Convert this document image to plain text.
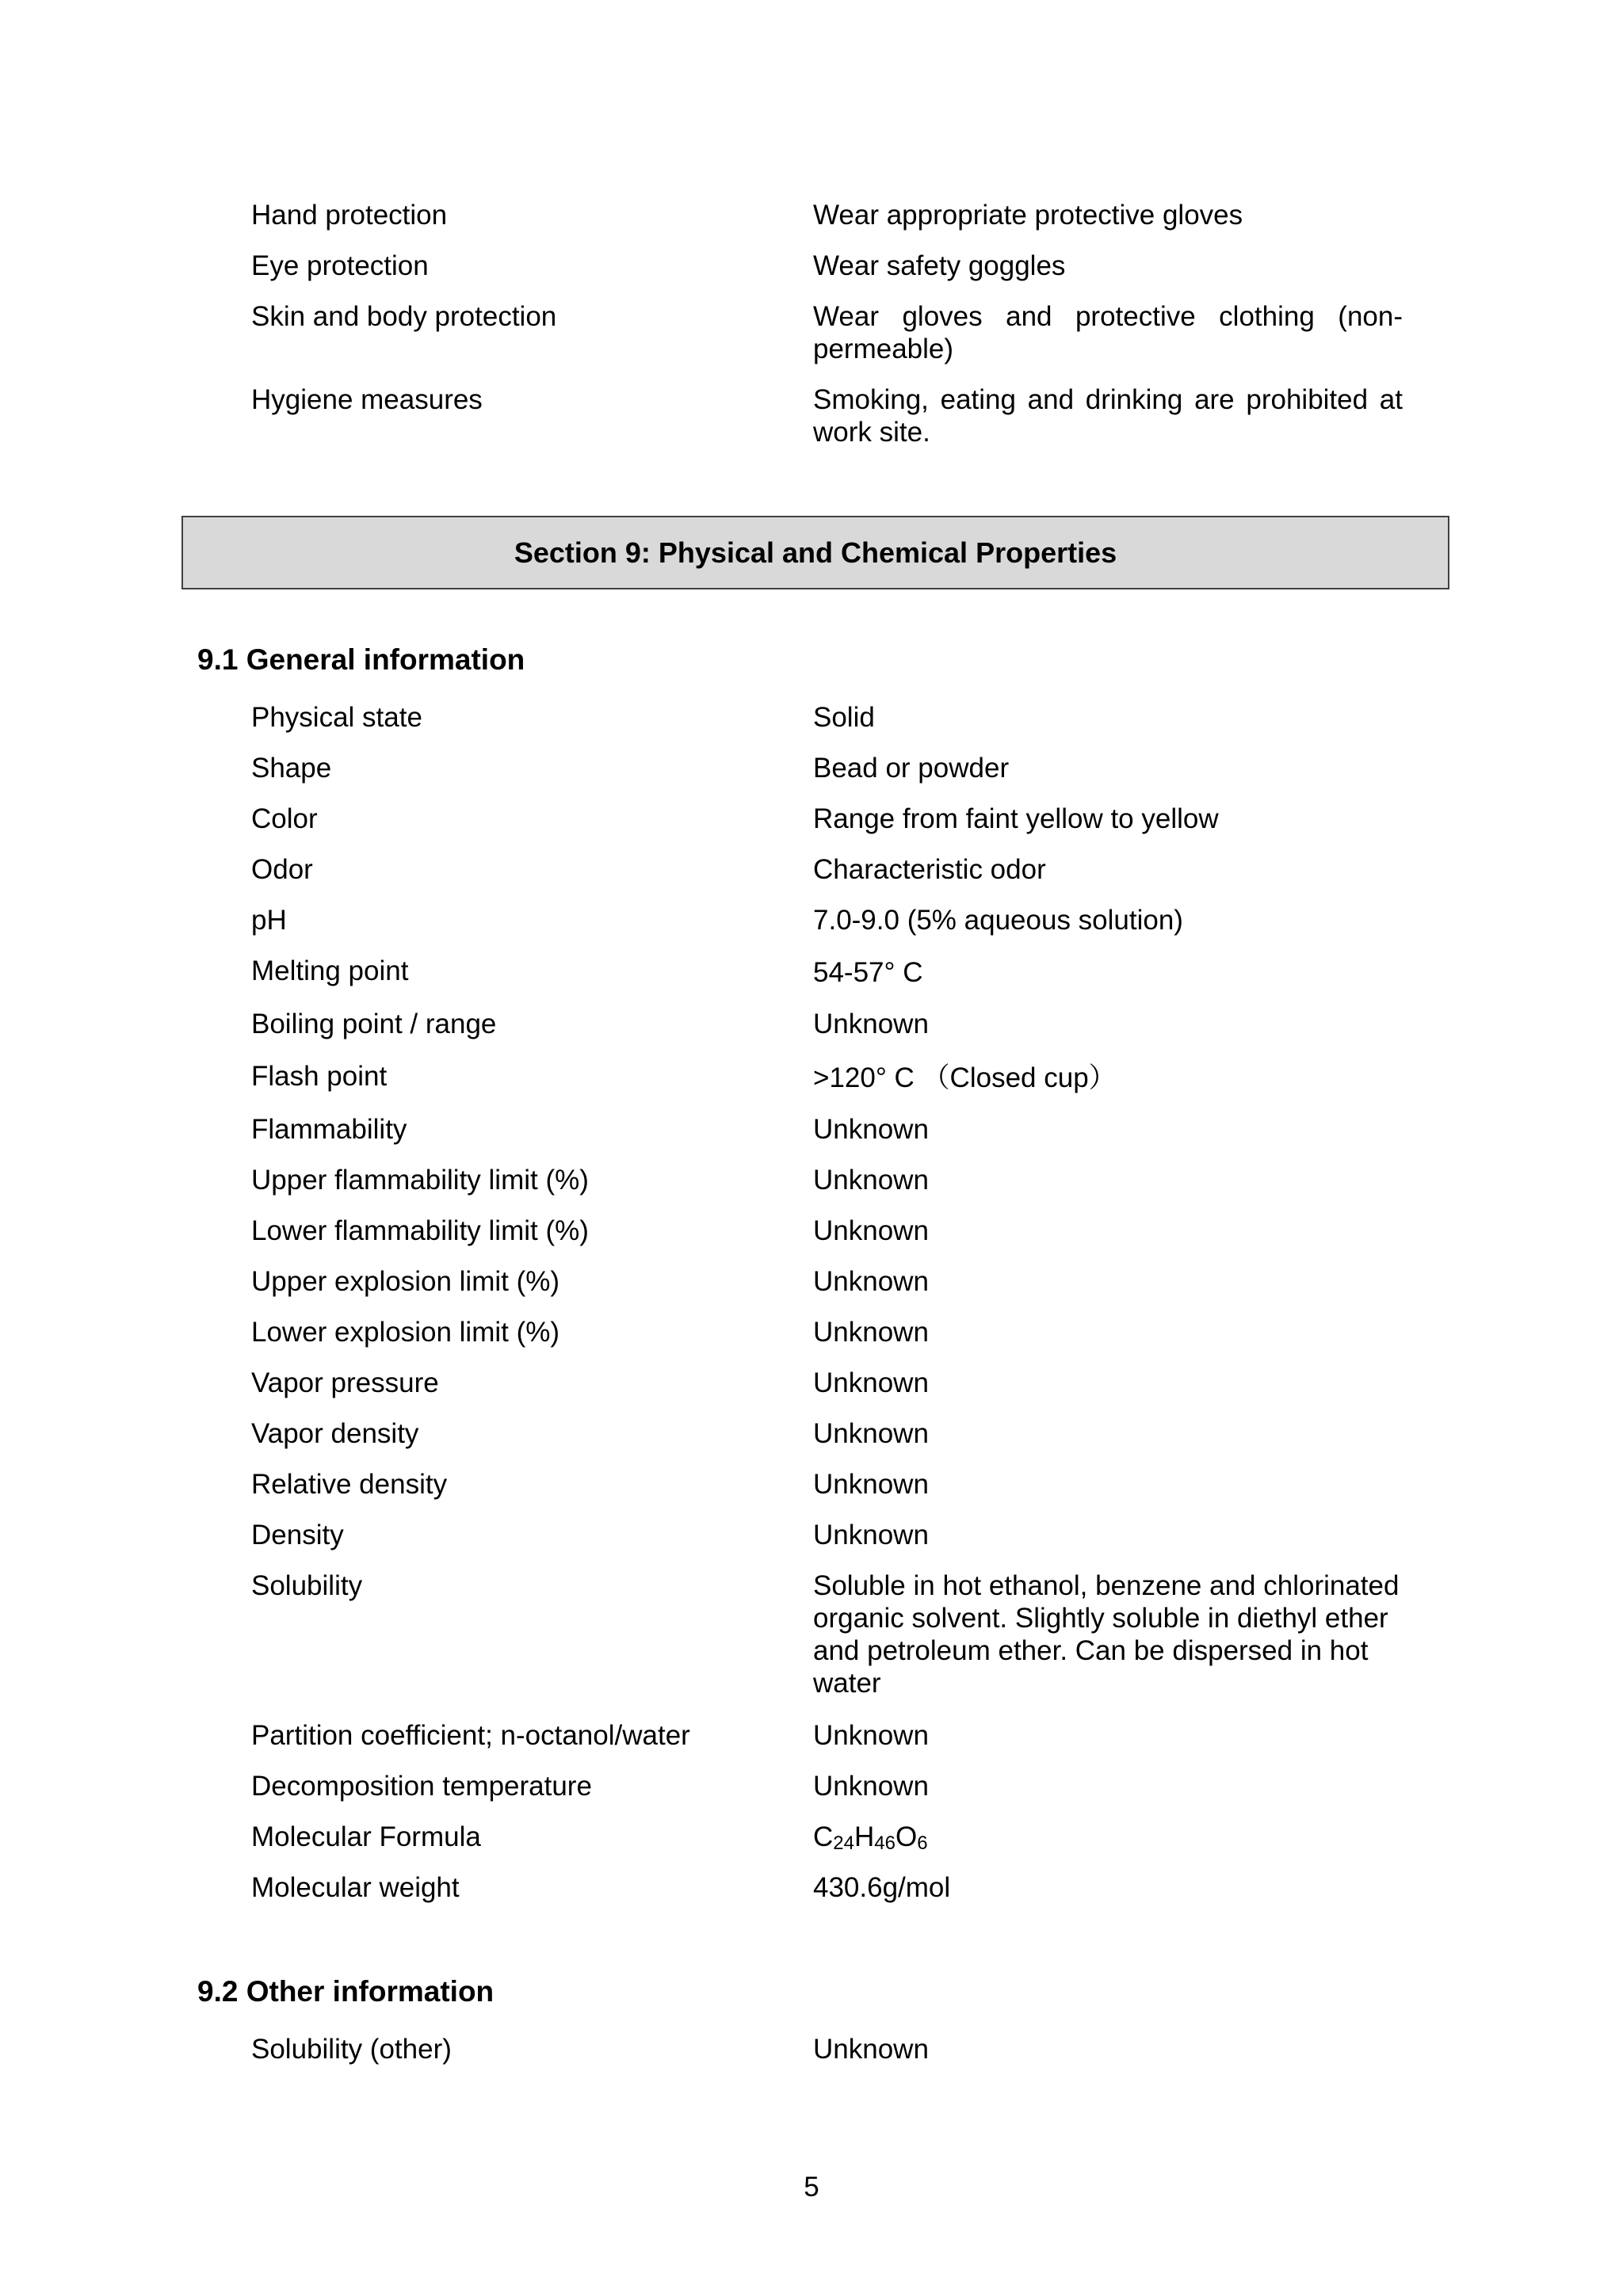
Hand protection	Wear appropriate protective gloves
Eye protection	Wear safety goggles
Skin and body protection	Wear gloves and protective clothing (non-permeable)
Hygiene measures	Smoking, eating and drinking are prohibited at work site.
Section 9: Physical and Chemical Properties
9.1 General information
Physical state	Solid
Shape	Bead or powder
Color	Range from faint yellow to yellow
Odor	Characteristic odor
pH	7.0-9.0 (5% aqueous solution)
Melting point	54-57° C
Boiling point / range	Unknown
Flash point	>120° C （Closed cup）
Flammability	Unknown
Upper flammability limit (%)	Unknown
Lower flammability limit (%)	Unknown
Upper explosion limit (%)	Unknown
Lower explosion limit (%)	Unknown
Vapor pressure	Unknown
Vapor density	Unknown
Relative density	Unknown
Density	Unknown
Solubility	Soluble in hot ethanol, benzene and chlorinated organic solvent. Slightly soluble in diethyl ether and petroleum ether. Can be dispersed in hot water
Partition coefficient; n-octanol/water	Unknown
Decomposition temperature	Unknown
Molecular Formula	$C_{24}H_{46}O_6$
Molecular weight	430.6g/mol
9.2 Other information
Solubility (other)	Unknown
5
